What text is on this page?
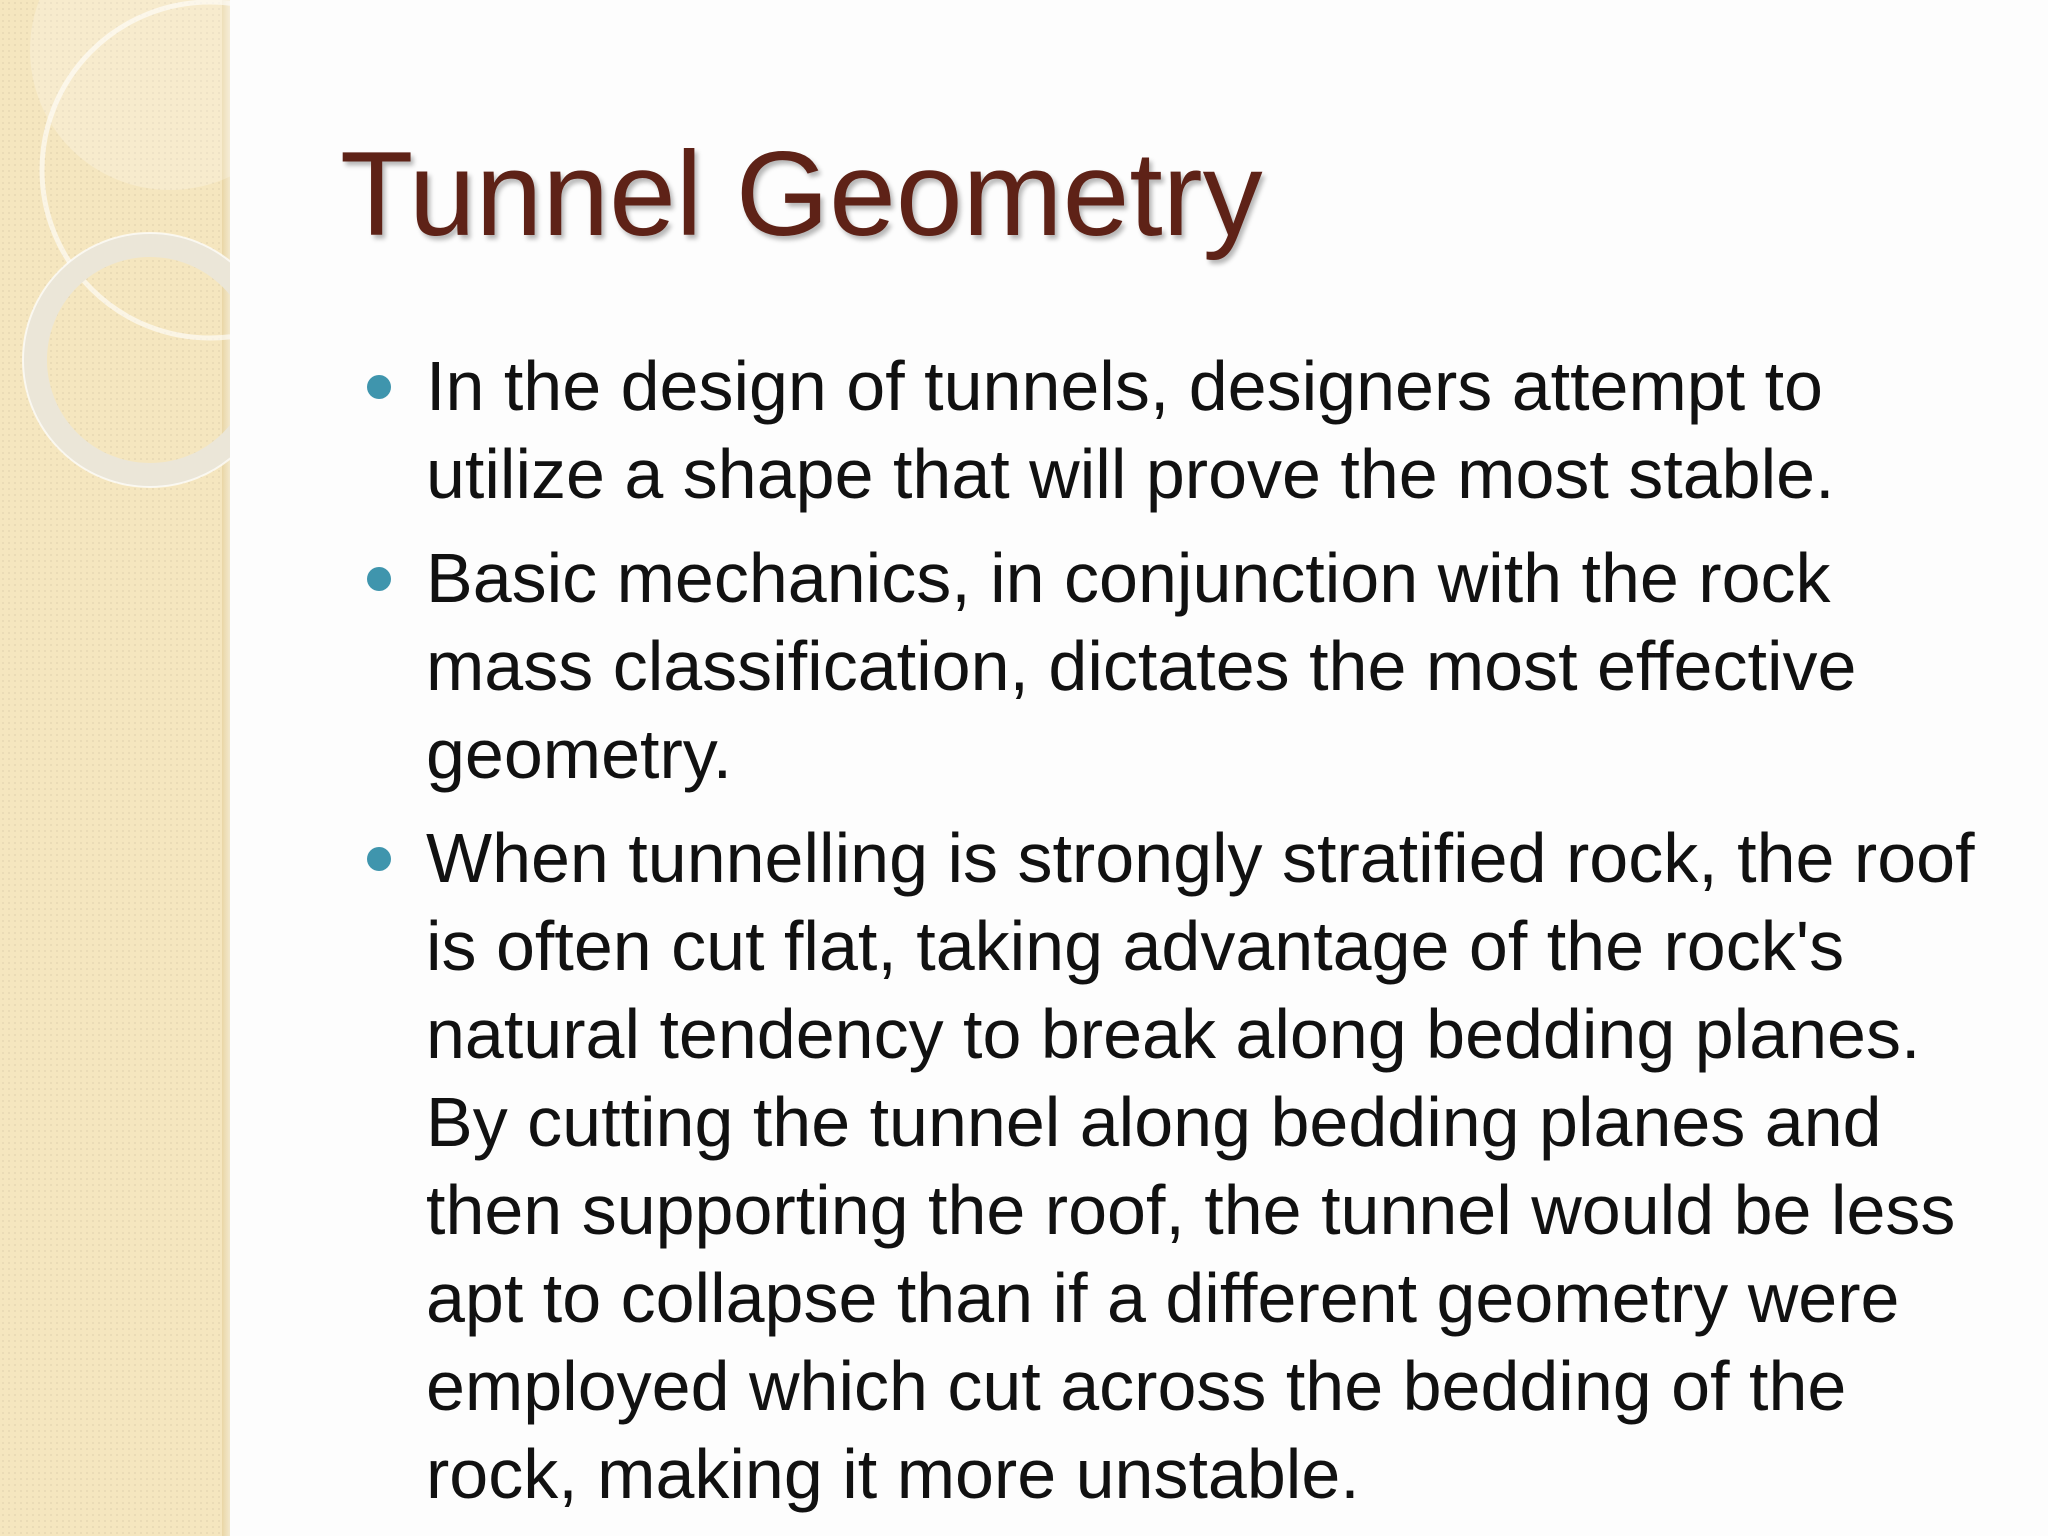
Tunnel Geometry
In the design of tunnels, designers attempt to utilize a shape that will prove the most stable.
Basic mechanics, in conjunction with the rock mass classification, dictates the most effective geometry.
When tunnelling is strongly stratified rock, the roof is often cut flat, taking advantage of the rock's natural tendency to break along bedding planes. By cutting the tunnel along bedding planes and then supporting the roof, the tunnel would be less apt to collapse than if a different geometry were employed which cut across the bedding of the rock, making it more unstable.
